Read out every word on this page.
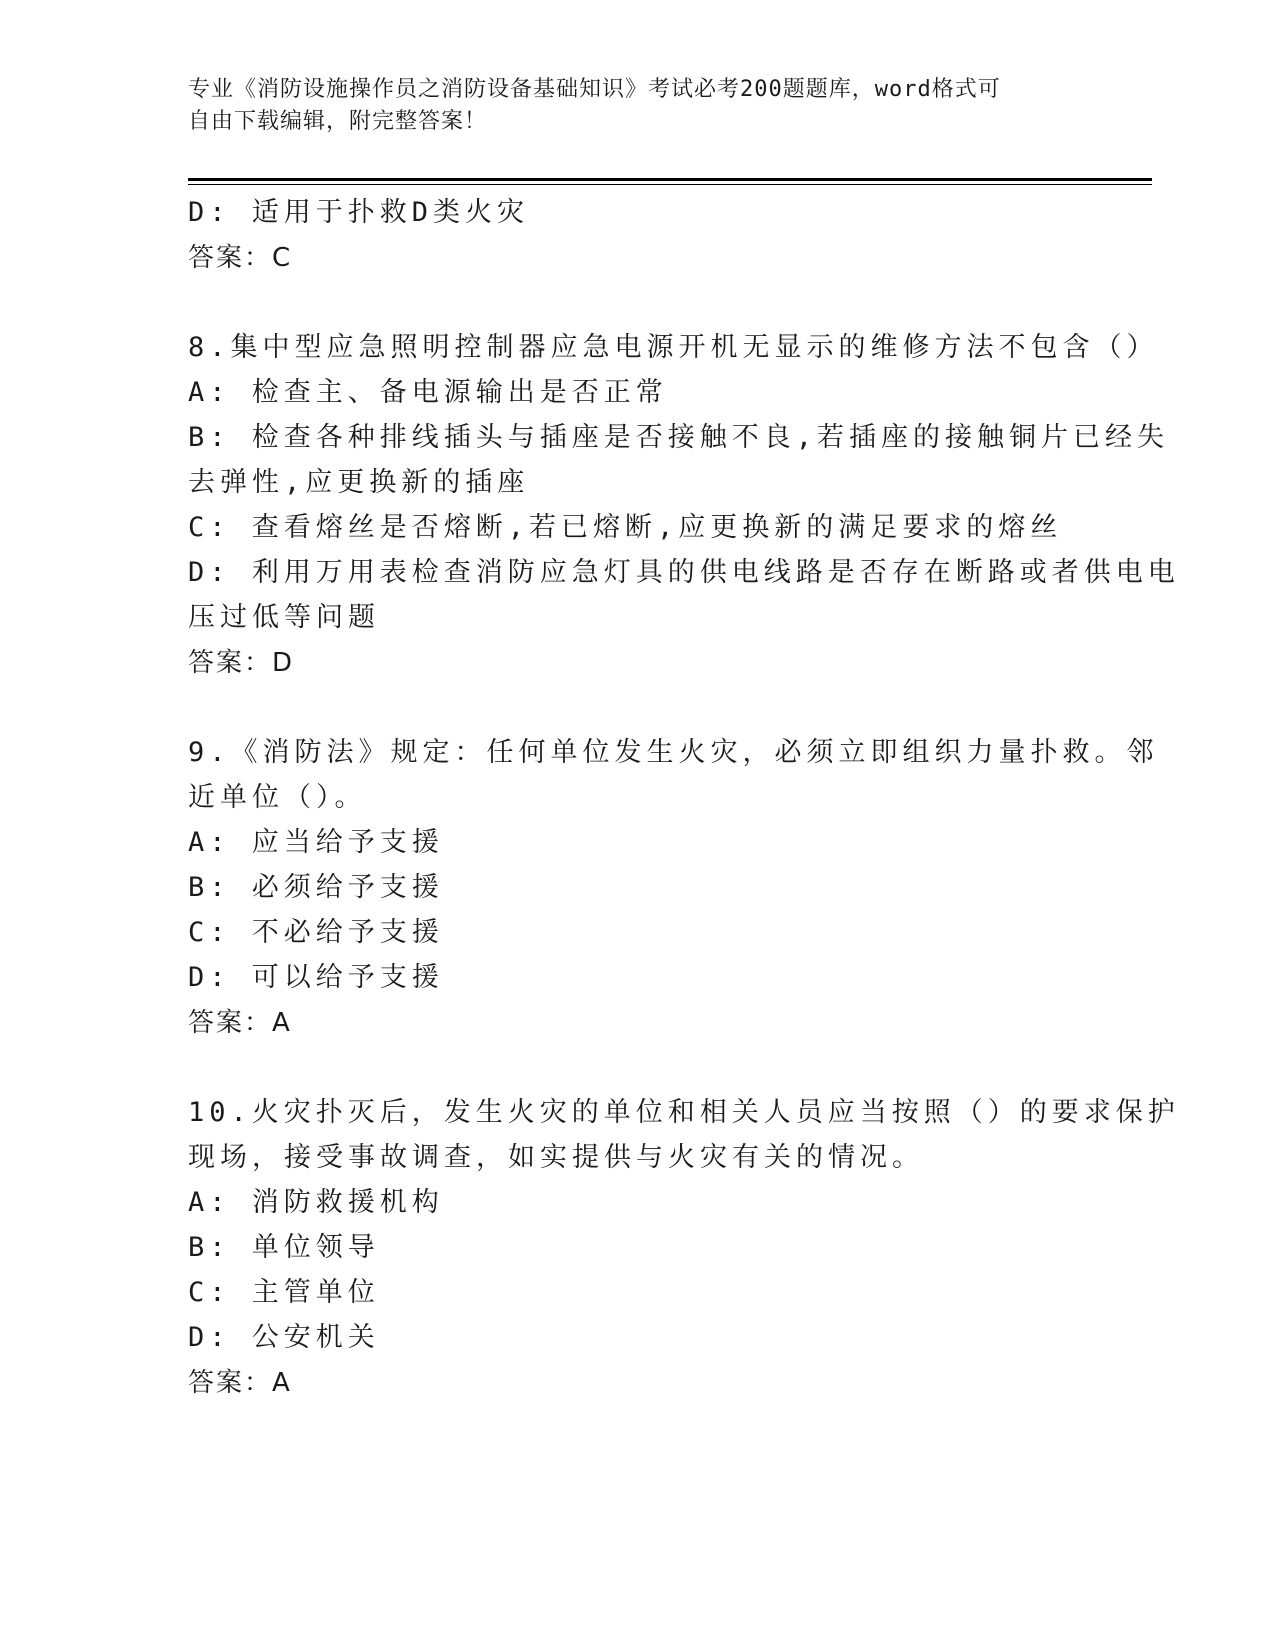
专业《消防设施操作员之消防设备基础知识》考试必考200题题库，word格式可
自由下载编辑，附完整答案！
D: 适用于扑救D类火灾
答案：C
8.集中型应急照明控制器应急电源开机无显示的维修方法不包含（）
A: 检查主、备电源输出是否正常
B: 检查各种排线插头与插座是否接触不良,若插座的接触铜片已经失
去弹性,应更换新的插座
C: 查看熔丝是否熔断,若已熔断,应更换新的满足要求的熔丝
D: 利用万用表检查消防应急灯具的供电线路是否存在断路或者供电电
压过低等问题
答案：D
9.《消防法》规定：任何单位发生火灾，必须立即组织力量扑救。邻
近单位（）。
A: 应当给予支援
B: 必须给予支援
C: 不必给予支援
D: 可以给予支援
答案：A
10.火灾扑灭后，发生火灾的单位和相关人员应当按照（）的要求保护
现场，接受事故调查，如实提供与火灾有关的情况。
A: 消防救援机构
B: 单位领导
C: 主管单位
D: 公安机关
答案：A
